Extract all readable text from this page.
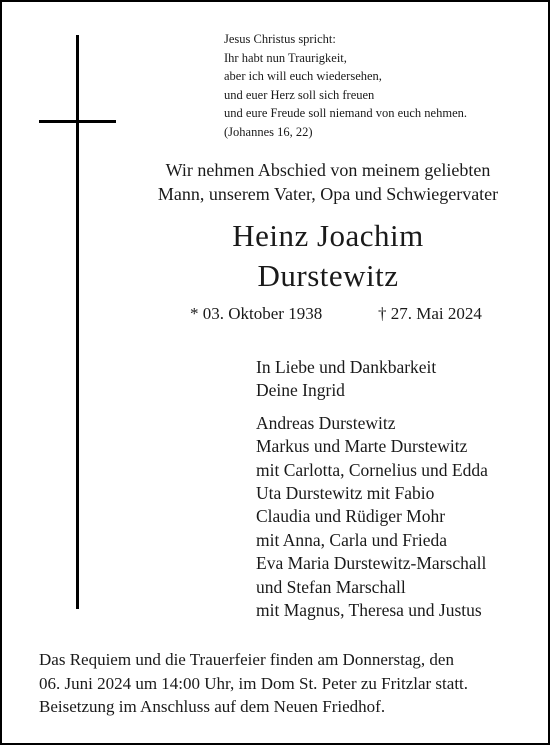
Jesus Christus spricht:
Ihr habt nun Traurigkeit,
aber ich will euch wiedersehen,
und euer Herz soll sich freuen
und eure Freude soll niemand von euch nehmen.
(Johannes 16, 22)
Wir nehmen Abschied von meinem geliebten
Mann, unserem Vater, Opa und Schwiegervater
Heinz Joachim
Durstewitz
* 03. Oktober 1938	† 27. Mai 2024
In Liebe und Dankbarkeit
Deine Ingrid
Andreas Durstewitz
Markus und Marte Durstewitz
mit Carlotta, Cornelius und Edda
Uta Durstewitz mit Fabio
Claudia und Rüdiger Mohr
mit Anna, Carla und Frieda
Eva Maria Durstewitz-Marschall
und Stefan Marschall
mit Magnus, Theresa und Justus
Das Requiem und die Trauerfeier finden am Donnerstag, den
06. Juni 2024 um 14:00 Uhr, im Dom St. Peter zu Fritzlar statt.
Beisetzung im Anschluss auf dem Neuen Friedhof.
